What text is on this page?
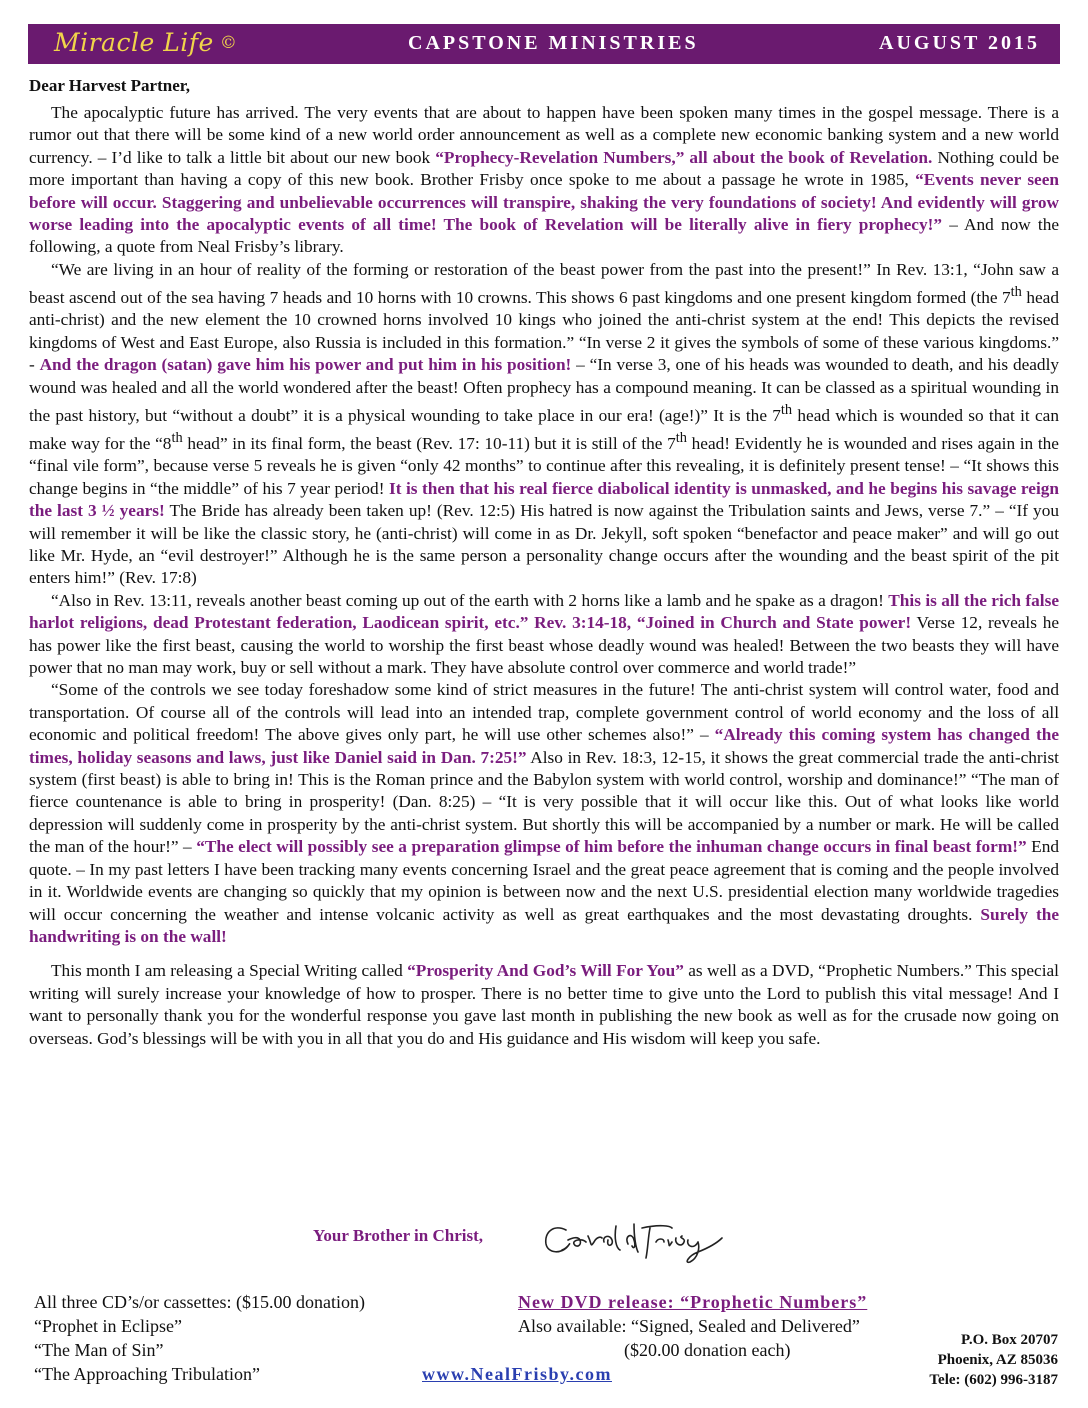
Miracle Life ©	CAPSTONE MINISTRIES	AUGUST 2015
Dear Harvest Partner,

The apocalyptic future has arrived. The very events that are about to happen have been spoken many times in the gospel message. There is a rumor out that there will be some kind of a new world order announcement as well as a complete new economic banking system and a new world currency. – I’d like to talk a little bit about our new book “Prophecy-Revelation Numbers,” all about the book of Revelation. Nothing could be more important than having a copy of this new book. Brother Frisby once spoke to me about a passage he wrote in 1985, “Events never seen before will occur. Staggering and unbelievable occurrences will transpire, shaking the very foundations of society! And evidently will grow worse leading into the apocalyptic events of all time! The book of Revelation will be literally alive in fiery prophecy!” – And now the following, a quote from Neal Frisby’s library.

“We are living in an hour of reality of the forming or restoration of the beast power from the past into the present!” In Rev. 13:1, “John saw a beast ascend out of the sea having 7 heads and 10 horns with 10 crowns. This shows 6 past kingdoms and one present kingdom formed (the 7th head anti-christ) and the new element the 10 crowned horns involved 10 kings who joined the anti-christ system at the end! This depicts the revised kingdoms of West and East Europe, also Russia is included in this formation.” “In verse 2 it gives the symbols of some of these various kingdoms.” - And the dragon (satan) gave him his power and put him in his position! – “In verse 3, one of his heads was wounded to death, and his deadly wound was healed and all the world wondered after the beast! Often prophecy has a compound meaning. It can be classed as a spiritual wounding in the past history, but “without a doubt” it is a physical wounding to take place in our era! (age!)” It is the 7th head which is wounded so that it can make way for the “8th head” in its final form, the beast (Rev. 17: 10-11) but it is still of the 7th head! Evidently he is wounded and rises again in the “final vile form”, because verse 5 reveals he is given “only 42 months” to continue after this revealing, it is definitely present tense! – “It shows this change begins in “the middle” of his 7 year period! It is then that his real fierce diabolical identity is unmasked, and he begins his savage reign the last 3 ½ years! The Bride has already been taken up! (Rev. 12:5) His hatred is now against the Tribulation saints and Jews, verse 7.” – “If you will remember it will be like the classic story, he (anti-christ) will come in as Dr. Jekyll, soft spoken “benefactor and peace maker” and will go out like Mr. Hyde, an “evil destroyer!” Although he is the same person a personality change occurs after the wounding and the beast spirit of the pit enters him!” (Rev. 17:8)

“Also in Rev. 13:11, reveals another beast coming up out of the earth with 2 horns like a lamb and he spake as a dragon! This is all the rich false harlot religions, dead Protestant federation, Laodicean spirit, etc.” Rev. 3:14-18, “Joined in Church and State power! Verse 12, reveals he has power like the first beast, causing the world to worship the first beast whose deadly wound was healed! Between the two beasts they will have power that no man may work, buy or sell without a mark. They have absolute control over commerce and world trade!”

“Some of the controls we see today foreshadow some kind of strict measures in the future! The anti-christ system will control water, food and transportation. Of course all of the controls will lead into an intended trap, complete government control of world economy and the loss of all economic and political freedom! The above gives only part, he will use other schemes also!” – “Already this coming system has changed the times, holiday seasons and laws, just like Daniel said in Dan. 7:25!” Also in Rev. 18:3, 12-15, it shows the great commercial trade the anti-christ system (first beast) is able to bring in! This is the Roman prince and the Babylon system with world control, worship and dominance!” “The man of fierce countenance is able to bring in prosperity! (Dan. 8:25) – “It is very possible that it will occur like this. Out of what looks like world depression will suddenly come in prosperity by the anti-christ system. But shortly this will be accompanied by a number or mark. He will be called the man of the hour!” – “The elect will possibly see a preparation glimpse of him before the inhuman change occurs in final beast form!” End quote. – In my past letters I have been tracking many events concerning Israel and the great peace agreement that is coming and the people involved in it. Worldwide events are changing so quickly that my opinion is between now and the next U.S. presidential election many worldwide tragedies will occur concerning the weather and intense volcanic activity as well as great earthquakes and the most devastating droughts. Surely the handwriting is on the wall!

This month I am releasing a Special Writing called “Prosperity And God’s Will For You” as well as a DVD, “Prophetic Numbers.” This special writing will surely increase your knowledge of how to prosper. There is no better time to give unto the Lord to publish this vital message! And I want to personally thank you for the wonderful response you gave last month in publishing the new book as well as for the crusade now going on overseas. God’s blessings will be with you in all that you do and His guidance and His wisdom will keep you safe.

Your Brother in Christ,
All three CD’s/or cassettes: ($15.00 donation)
“Prophet in Eclipse”
“The Man of Sin”
“The Approaching Tribulation”
New DVD release: “Prophetic Numbers”
Also available: “Signed, Sealed and Delivered”
($20.00 donation each)
www.NealFrisby.com
P.O. Box 20707
Phoenix, AZ 85036
Tele: (602) 996-3187
